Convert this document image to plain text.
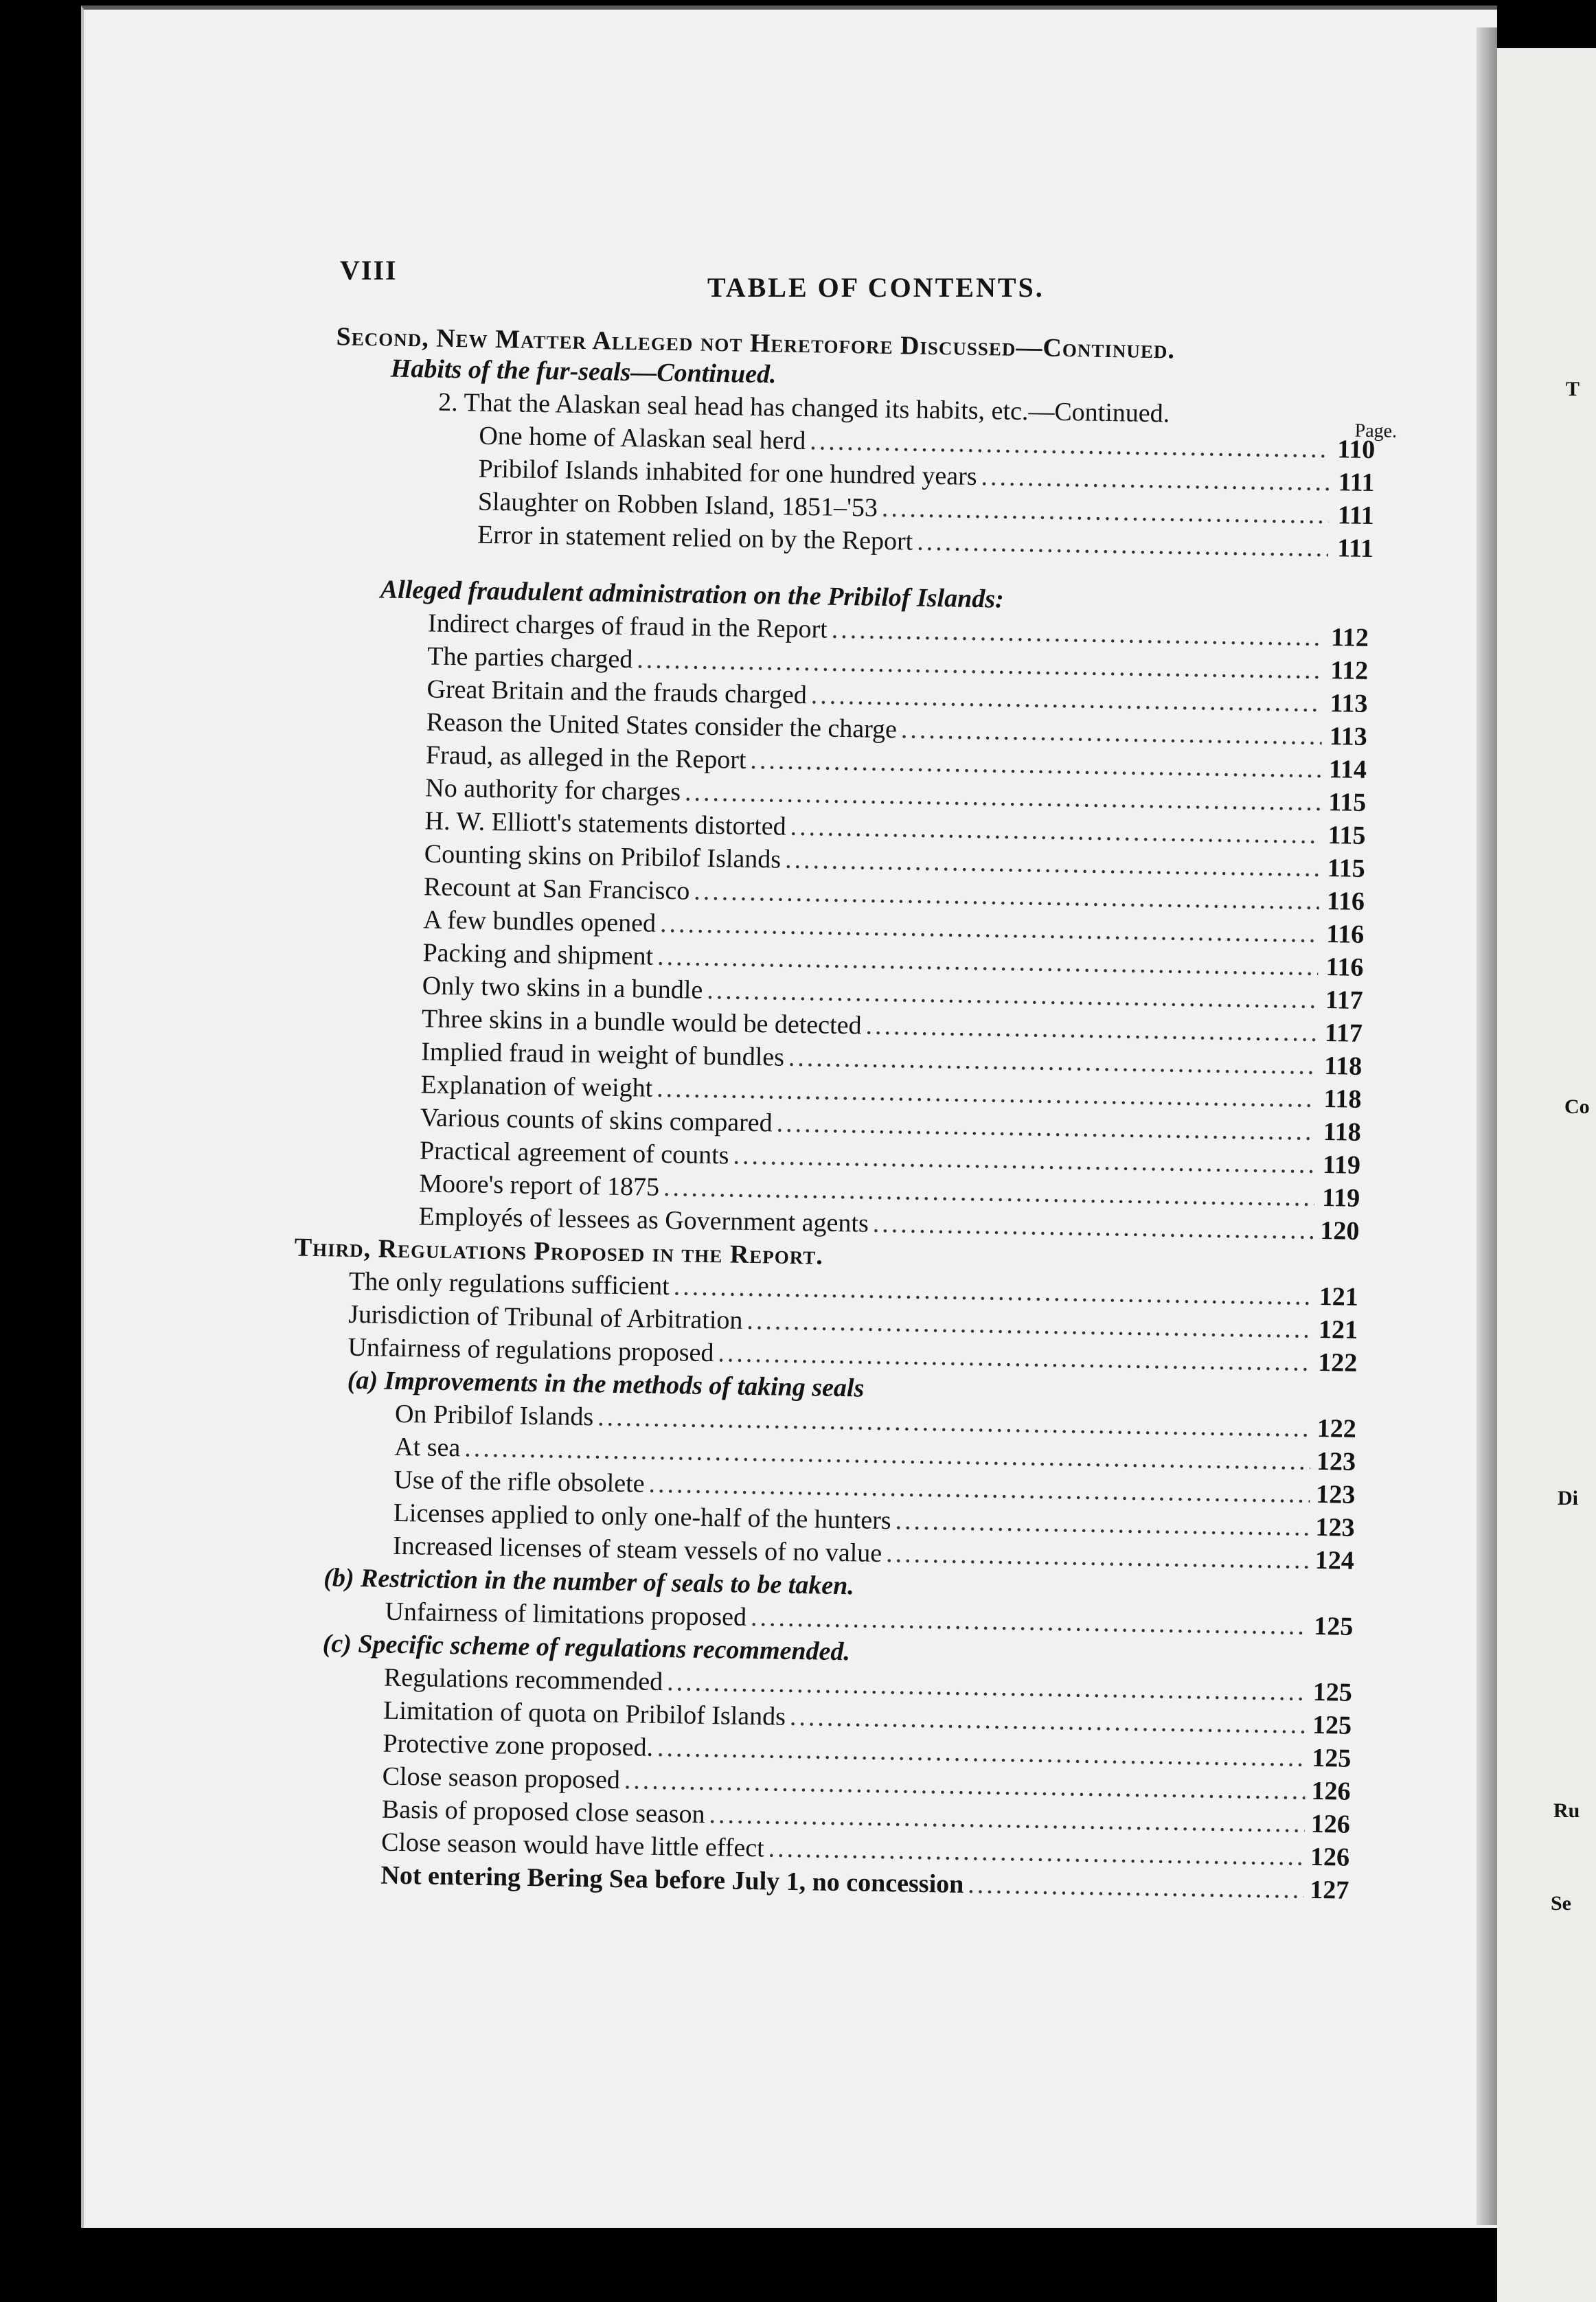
T
Co
Di
Ru
Se
VIII
TABLE OF CONTENTS.
Page.
Second, New Matter Alleged not Heretofore Discussed—Continued.
Habits of the fur-seals—Continued.
2. That the Alaskan seal head has changed its habits, etc.—Continued.
One home of Alaskan seal herd .....	110
Pribilof Islands inhabited for one hundred years .....	111
Slaughter on Robben Island, 1851–'53 .....	111
Error in statement relied on by the Report .....	111
Alleged fraudulent administration on the Pribilof Islands:
Indirect charges of fraud in the Report .....	112
The parties charged .....	112
Great Britain and the frauds charged .....	113
Reason the United States consider the charge .....	113
Fraud, as alleged in the Report .....	114
No authority for charges .....	115
H. W. Elliott's statements distorted .....	115
Counting skins on Pribilof Islands .....	115
Recount at San Francisco .....	116
A few bundles opened .....	116
Packing and shipment .....	116
Only two skins in a bundle .....	117
Three skins in a bundle would be detected .....	117
Implied fraud in weight of bundles .....	118
Explanation of weight .....	118
Various counts of skins compared .....	118
Practical agreement of counts .....	119
Moore's report of 1875 .....	119
Employés of lessees as Government agents .....	120
Third, Regulations Proposed in the Report.
The only regulations sufficient .....	121
Jurisdiction of Tribunal of Arbitration .....	121
Unfairness of regulations proposed .....	122
(a) Improvements in the methods of taking seals
On Pribilof Islands .....	122
At sea .....	123
Use of the rifle obsolete .....	123
Licenses applied to only one-half of the hunters .....	123
Increased licenses of steam vessels of no value .....	124
(b) Restriction in the number of seals to be taken.
Unfairness of limitations proposed .....	125
(c) Specific scheme of regulations recommended.
Regulations recommended .....	125
Limitation of quota on Pribilof Islands .....	125
Protective zone proposed. .....	125
Close season proposed .....	126
Basis of proposed close season .....	126
Close season would have little effect .....	126
Not entering Bering Sea before July 1, no concession .....	127
